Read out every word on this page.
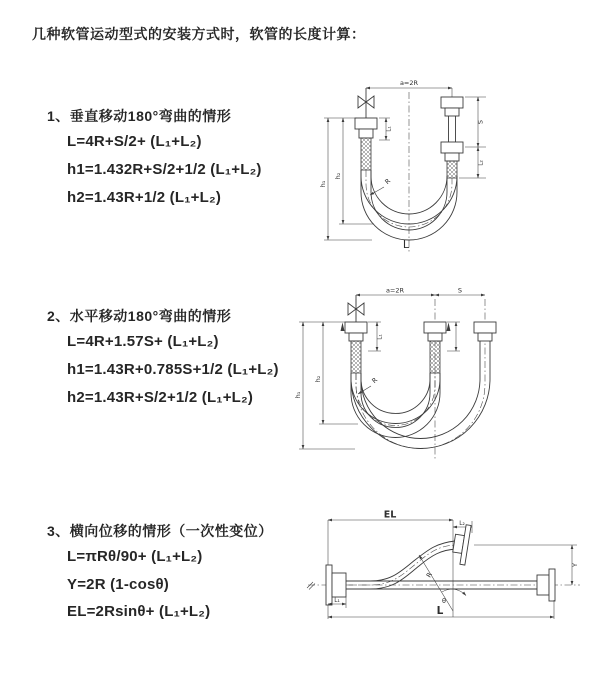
几种软管运动型式的安装方式时，软管的长度计算：
1、垂直移动180°弯曲的情形
L=4R+S/2+ (L₁+L₂)
h1=1.432R+S/2+1/2 (L₁+L₂)
h2=1.43R+1/2 (L₁+L₂)
2、水平移动180°弯曲的情形
L=4R+1.57S+ (L₁+L₂)
h1=1.43R+0.785S+1/2 (L₁+L₂)
h2=1.43R+S/2+1/2 (L₁+L₂)
3、横向位移的情形（一次性变位）
L=πRθ/90+ (L₁+L₂)
Y=2R (1-cosθ)
EL=2Rsinθ+ (L₁+L₂)
a=2R
h₁
h₂
L₁
S
L₂
R
L
a=2R	S
L₁
h₁
h₂	R
EL
L₂
R
θ
Y
L
L₁
